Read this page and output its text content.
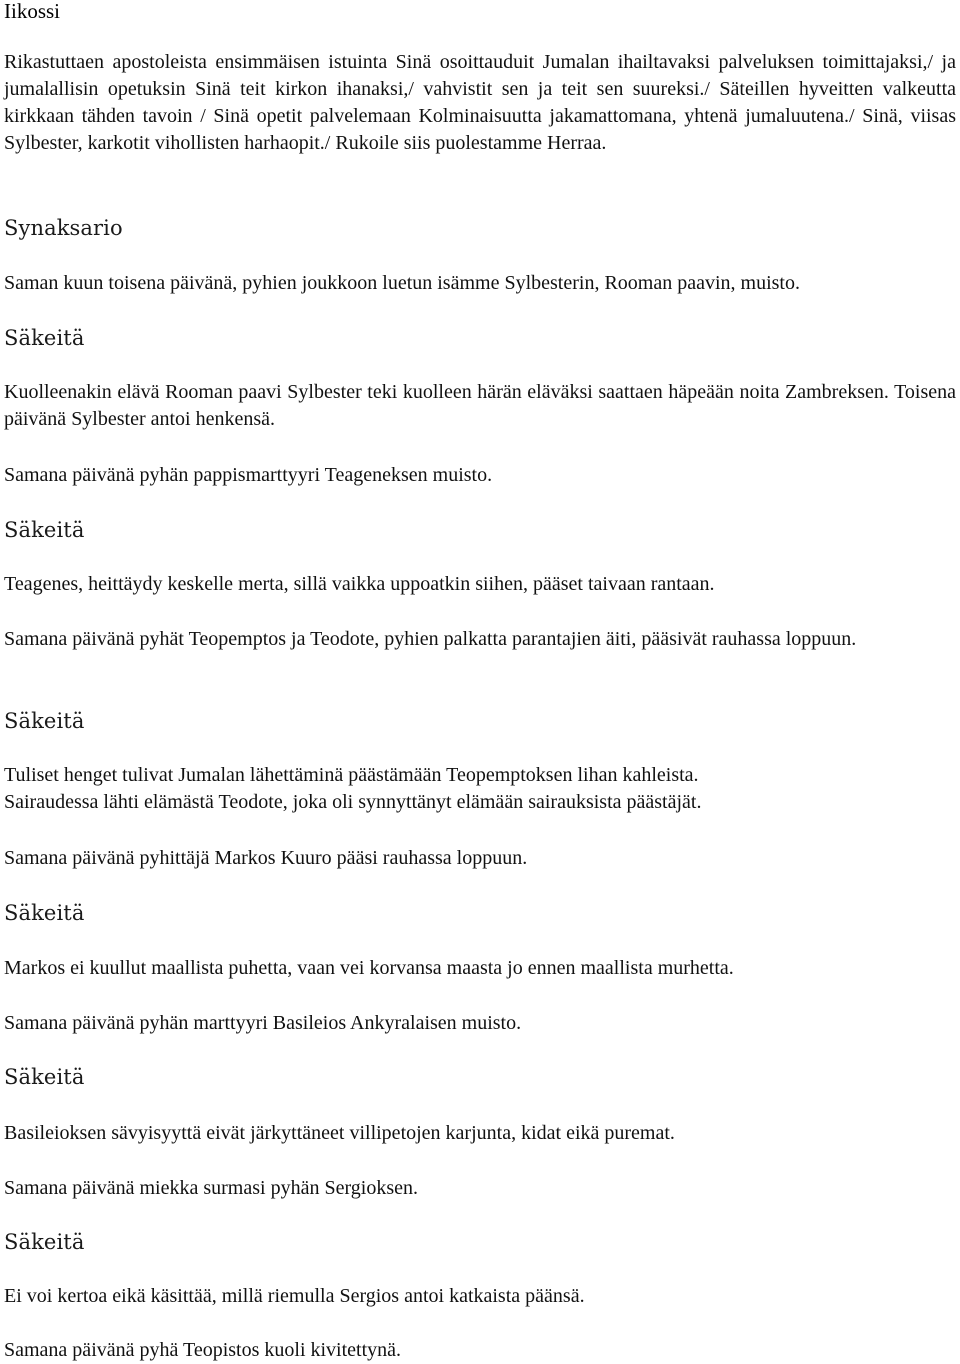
Iikossi
Rikastuttaen apostoleista ensimmäisen istuinta Sinä osoittauduit Jumalan ihailtavaksi palveluksen toimittajaksi,/ ja jumalallisin opetuksin Sinä teit kirkon ihanaksi,/ vahvistit sen ja teit sen suureksi./ Säteillen hyveitten valkeutta kirkkaan tähden tavoin / Sinä opetit palvelemaan Kolminaisuutta jakamattomana, yhtenä jumaluutena./ Sinä, viisas Sylbester, karkotit vihollisten harhaopit./ Rukoile siis puolestamme Herraa.
Synaksario
Saman kuun toisena päivänä, pyhien joukkoon luetun isämme Sylbesterin, Rooman paavin, muisto.
Säkeitä
Kuolleenakin elävä Rooman paavi Sylbester teki kuolleen härän eläväksi saattaen häpeään noita Zambreksen. Toisena päivänä Sylbester antoi henkensä.
Samana päivänä pyhän pappismarttyyri Teageneksen muisto.
Säkeitä
Teagenes, heittäydy keskelle merta, sillä vaikka uppoatkin siihen, pääset taivaan rantaan.
Samana päivänä pyhät Teopemptos ja Teodote, pyhien palkatta parantajien äiti, pääsivät rauhassa loppuun.
Säkeitä
Tuliset henget tulivat Jumalan lähettäminä päästämään Teopemptoksen lihan kahleista.
Sairaudessa lähti elämästä Teodote, joka oli synnyttänyt elämään sairauksista päästäjät.
Samana päivänä pyhittäjä Markos Kuuro pääsi rauhassa loppuun.
Säkeitä
Markos ei kuullut maallista puhetta, vaan vei korvansa maasta jo ennen maallista murhetta.
Samana päivänä pyhän marttyyri Basileios Ankyralaisen muisto.
Säkeitä
Basileioksen sävyisyyttä eivät järkyttäneet villipetojen karjunta, kidat eikä puremat.
Samana päivänä miekka surmasi pyhän Sergioksen.
Säkeitä
Ei voi kertoa eikä käsittää, millä riemulla Sergios antoi katkaista päänsä.
Samana päivänä pyhä Teopistos kuoli kivitettynä.
